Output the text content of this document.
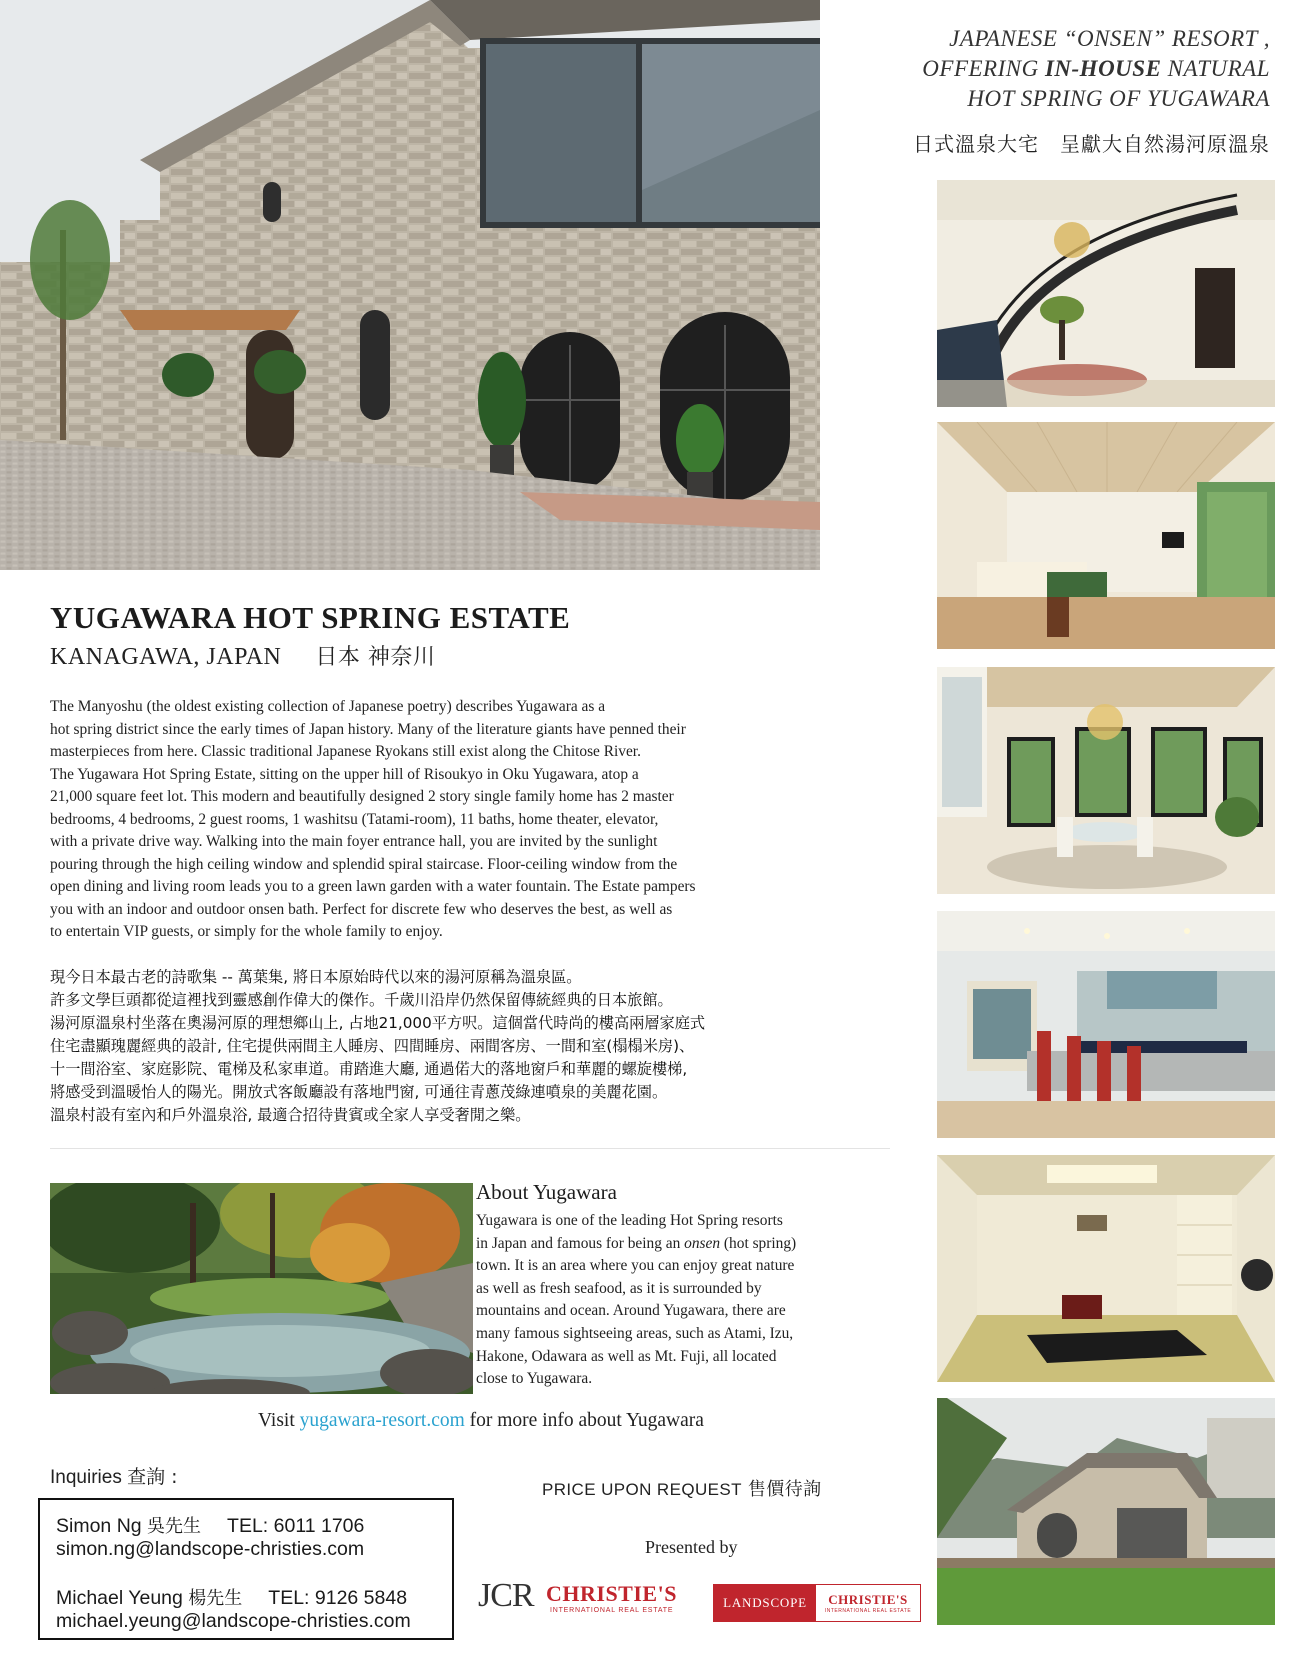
JAPANESE “ONSEN” RESORT ,
OFFERING IN-HOUSE NATURAL
HOT SPRING OF YUGAWARA
日式溫泉大宅　呈獻大自然湯河原溫泉
YUGAWARA HOT SPRING ESTATE
KANAGAWA, JAPAN 日本 神奈川
The Manyoshu (the oldest existing collection of Japanese poetry) describes Yugawara as a
hot spring district since the early times of Japan history. Many of the literature giants have penned their
masterpieces from here. Classic traditional Japanese Ryokans still exist along the Chitose River.
The Yugawara Hot Spring Estate, sitting on the upper hill of Risoukyo in Oku Yugawara, atop a
21,000 square feet lot. This modern and beautifully designed 2 story single family home has 2 master
bedrooms, 4 bedrooms, 2 guest rooms, 1 washitsu (Tatami-room), 11 baths, home theater, elevator,
with a private drive way. Walking into the main foyer entrance hall, you are invited by the sunlight
pouring through the high ceiling window and splendid spiral staircase. Floor-ceiling window from the
open dining and living room leads you to a green lawn garden with a water fountain. The Estate pampers
you with an indoor and outdoor onsen bath. Perfect for discrete few who deserves the best, as well as
to entertain VIP guests, or simply for the whole family to enjoy.
現今日本最古老的詩歌集 -- 萬葉集, 將日本原始時代以來的湯河原稱為溫泉區。
許多文學巨頭都從這裡找到靈感創作偉大的傑作。千歲川沿岸仍然保留傳統經典的日本旅館。
湯河原溫泉村坐落在奧湯河原的理想鄉山上, 占地21,000平方呎。這個當代時尚的樓高兩層家庭式
住宅盡顯瑰麗經典的設計, 住宅提供兩間主人睡房、四間睡房、兩間客房、一間和室(榻榻米房)、
十一間浴室、家庭影院、電梯及私家車道。甫踏進大廳, 通過偌大的落地窗戶和華麗的螺旋樓梯,
將感受到溫暖怡人的陽光。開放式客飯廳設有落地門窗, 可通往青蔥茂綠連噴泉的美麗花園。
溫泉村設有室內和戶外溫泉浴, 最適合招待貴賓或全家人享受奢閒之樂。
About Yugawara
Yugawara is one of the leading Hot Spring resorts
in Japan and famous for being an onsen (hot spring)
town. It is an area where you can enjoy great nature
as well as fresh seafood, as it is surrounded by
mountains and ocean. Around Yugawara, there are
many famous sightseeing areas, such as Atami, Izu,
Hakone, Odawara as well as Mt. Fuji, all located
close to Yugawara.
Visit yugawara-resort.com for more info about Yugawara
Inquiries 查詢 :
Simon Ng 吳先生 TEL: 6011 1706
simon.ng@landscope-christies.com
Michael Yeung 楊先生 TEL: 9126 5848
michael.yeung@landscope-christies.com
PRICE UPON REQUEST 售價待詢
Presented by
JCR CHRISTIE'S
INTERNATIONAL REAL ESTATE
LANDSCOPE	CHRISTIE'S
INTERNATIONAL REAL ESTATE
